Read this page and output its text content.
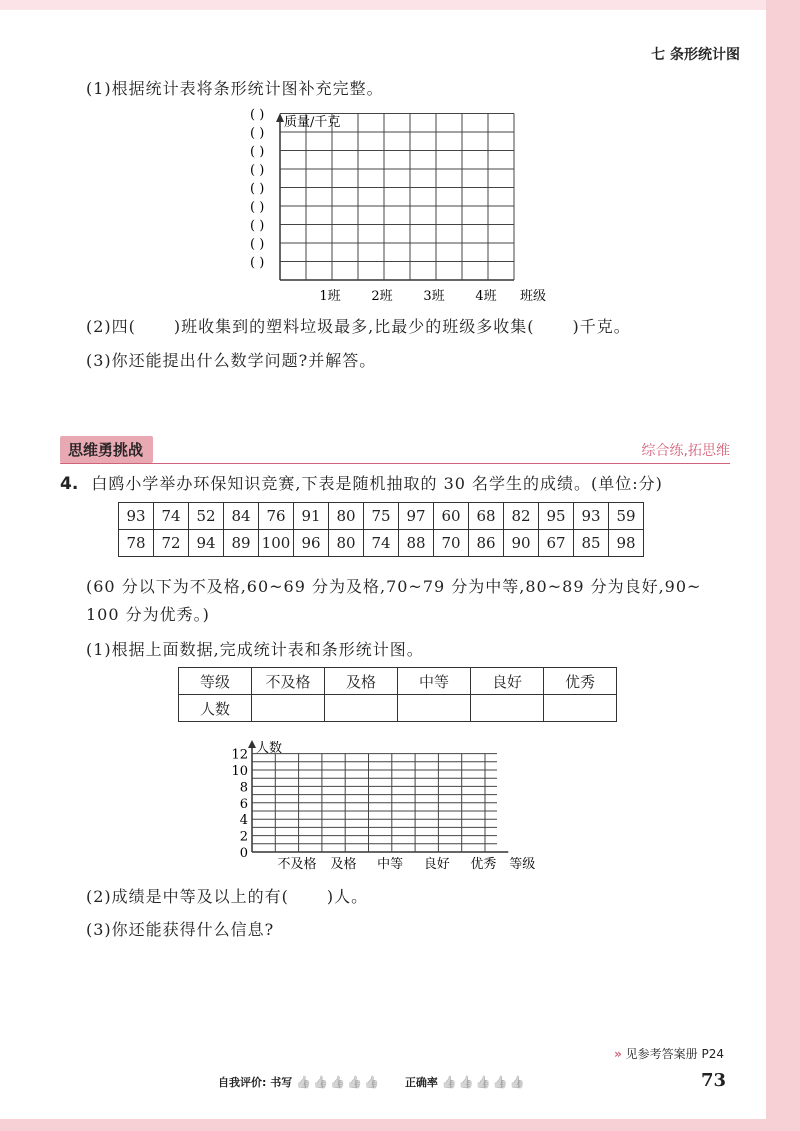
七 条形统计图
(1)根据统计表将条形统计图补充完整。
( )
( )
( )
( )
( )
( )
( )
( )
( )
1班 2班 3班 4班
质量/千克
班级
(2)四( )班收集到的塑料垃圾最多,比最少的班级多收集( )千克。
(3)你还能提出什么数学问题?并解答。
思维勇挑战	综合练,拓思维
4. 白鸥小学举办环保知识竞赛,下表是随机抽取的 30 名学生的成绩。(单位:分)
93	74	52	84	76	91	80	75	97	60	68	82	95	93	59
78	72	94	89	100	96	80	74	88	70	86	90	67	85	98
(60 分以下为不及格,60~69 分为及格,70~79 分为中等,80~89 分为良好,90~
100 分为优秀。)
(1)根据上面数据,完成统计表和条形统计图。
等级	不及格	及格	中等	良好	优秀
人数					
0
2
4
6
8
10
12
不及格 及格 中等 良好 优秀 等级
人数
(2)成绩是中等及以上的有( )人。
(3)你还能获得什么信息?
» 见参考答案册 P24
自我评价: 书写 👍 👍 👍 👍 👍 正确率 👍 👍 👍 👍 👍	73
